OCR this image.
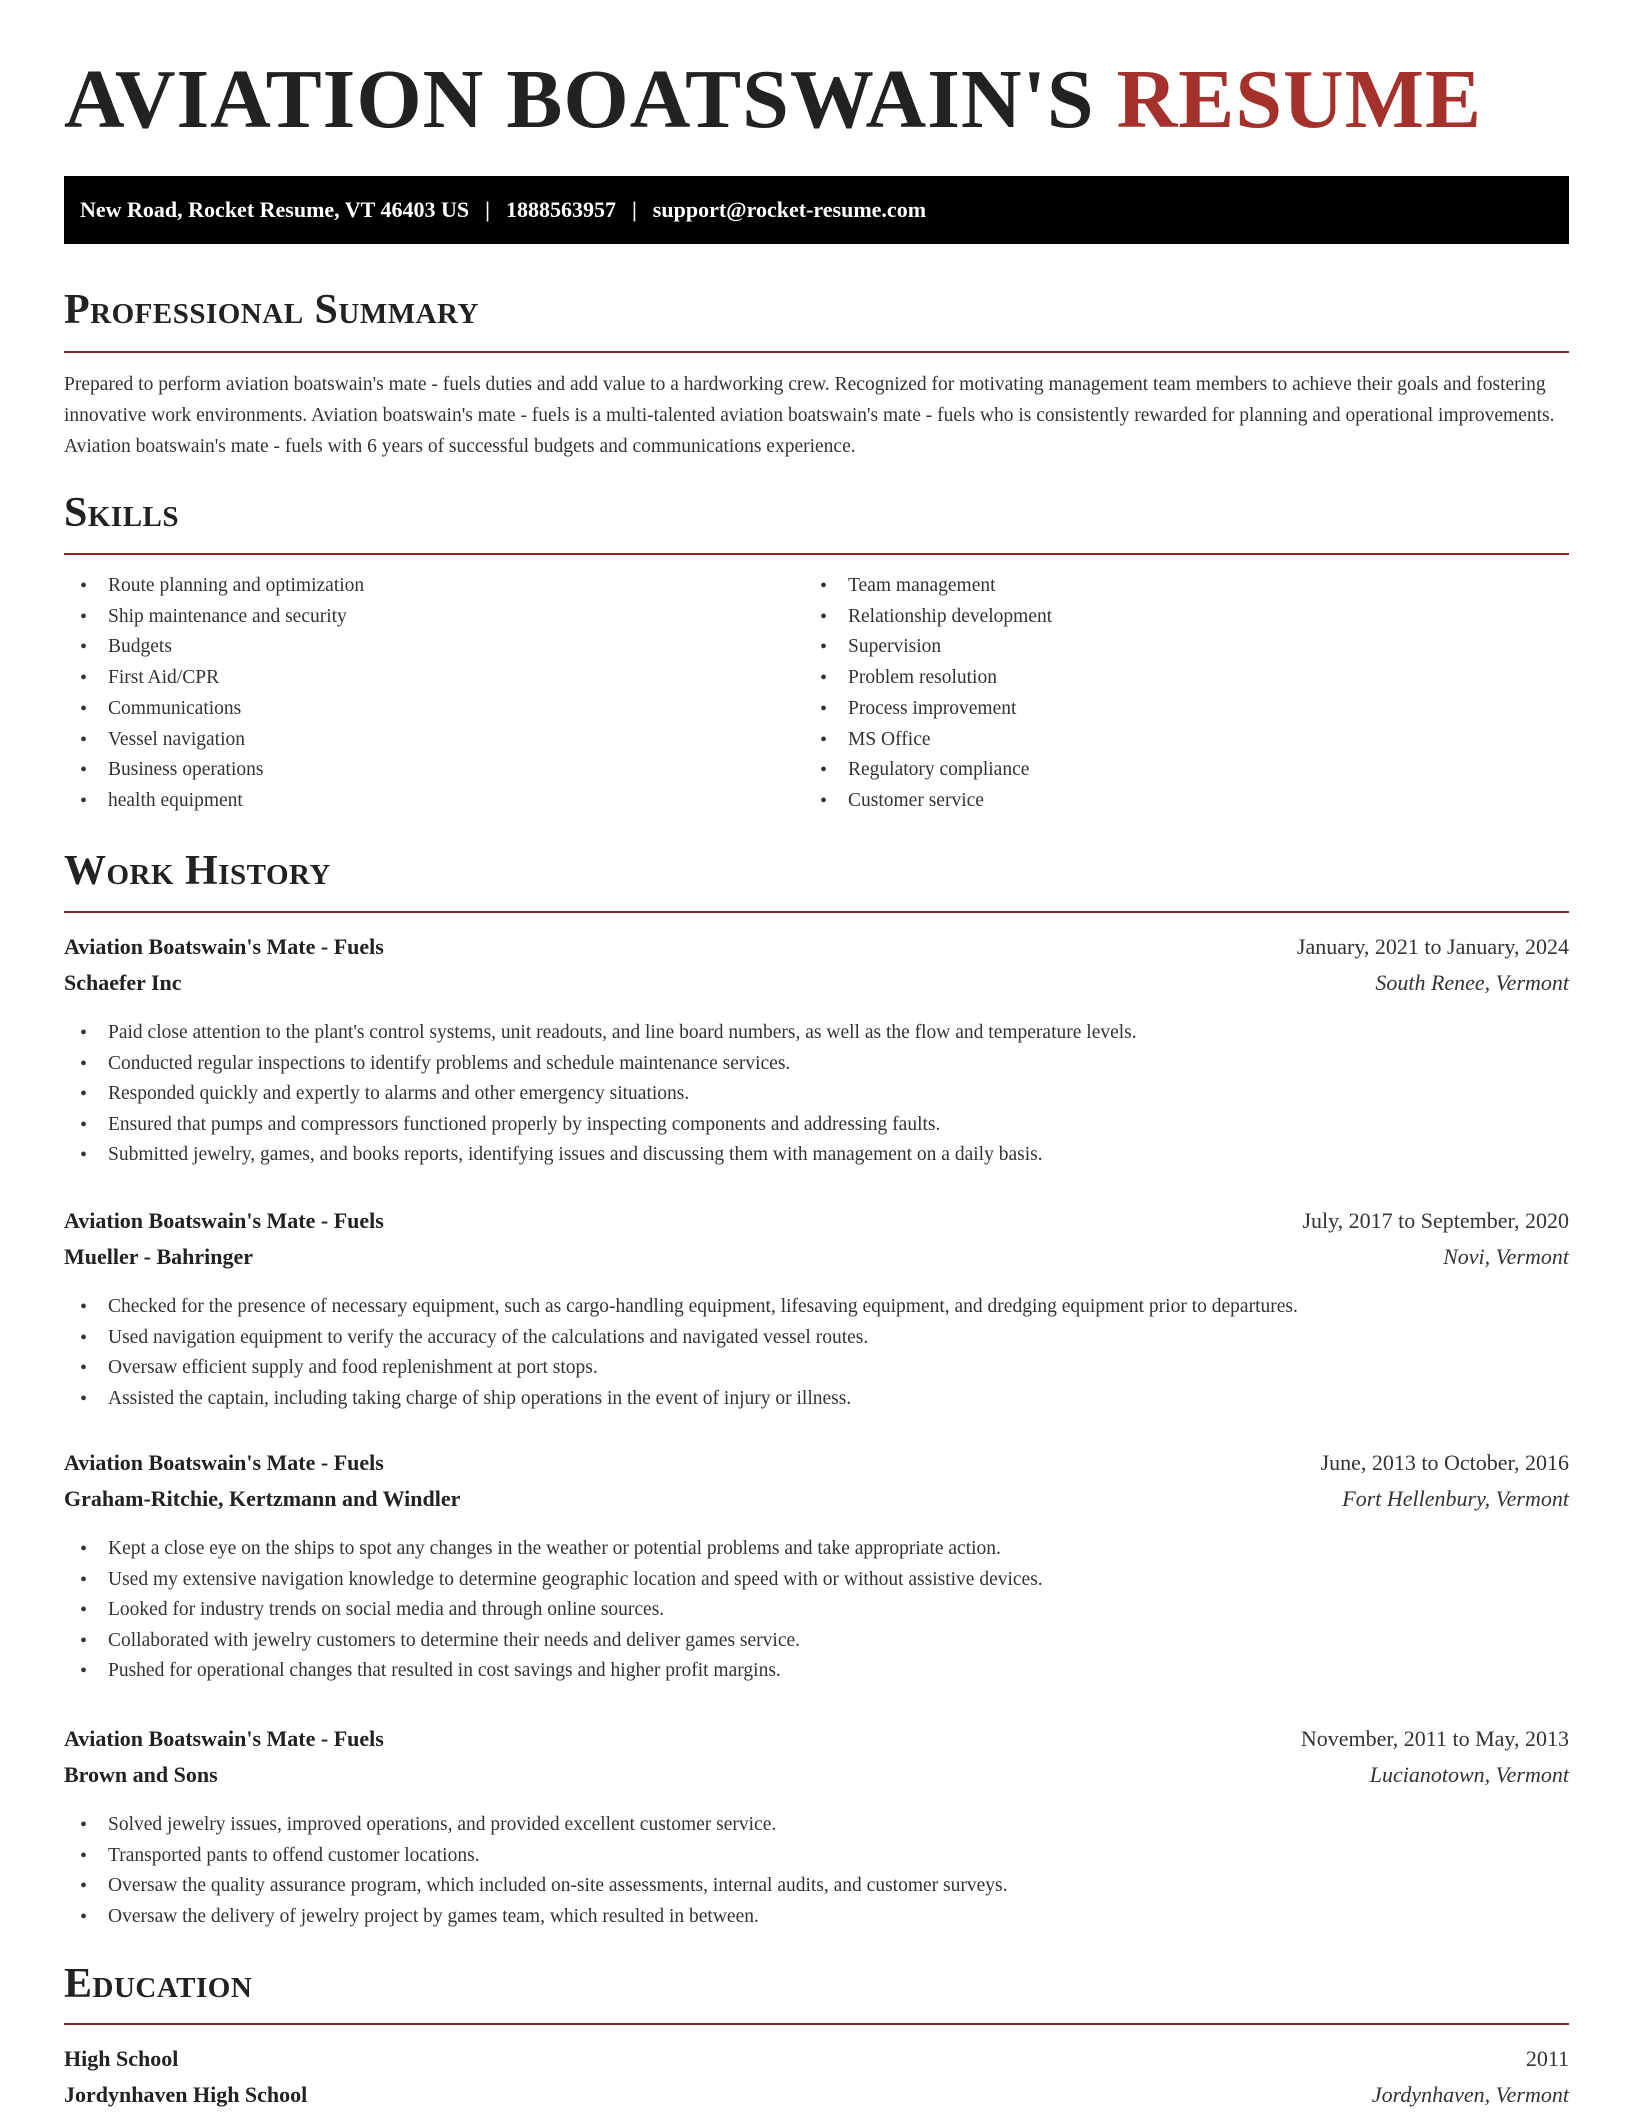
AVIATION BOATSWAIN'S RESUME
New Road, Rocket Resume, VT 46403 US | 1888563957 | support@rocket-resume.com
Professional Summary

Prepared to perform aviation boatswain's mate - fuels duties and add value to a hardworking crew. Recognized for motivating management team members to achieve their goals and fostering innovative work environments. Aviation boatswain's mate - fuels is a multi-talented aviation boatswain's mate - fuels who is consistently rewarded for planning and operational improvements. Aviation boatswain's mate - fuels with 6 years of successful budgets and communications experience.

Skills
• Route planning and optimization
• Ship maintenance and security
• Budgets
• First Aid/CPR
• Communications
• Vessel navigation
• Business operations
• health equipment
• Team management
• Relationship development
• Supervision
• Problem resolution
• Process improvement
• MS Office
• Regulatory compliance
• Customer service
Work History
Aviation Boatswain's Mate - Fuels	January, 2021 to January, 2024
Schaefer Inc	South Renee, Vermont
• Paid close attention to the plant's control systems, unit readouts, and line board numbers, as well as the flow and temperature levels.
• Conducted regular inspections to identify problems and schedule maintenance services.
• Responded quickly and expertly to alarms and other emergency situations.
• Ensured that pumps and compressors functioned properly by inspecting components and addressing faults.
• Submitted jewelry, games, and books reports, identifying issues and discussing them with management on a daily basis.
Aviation Boatswain's Mate - Fuels	July, 2017 to September, 2020
Mueller - Bahringer	Novi, Vermont
• Checked for the presence of necessary equipment, such as cargo-handling equipment, lifesaving equipment, and dredging equipment prior to departures.
• Used navigation equipment to verify the accuracy of the calculations and navigated vessel routes.
• Oversaw efficient supply and food replenishment at port stops.
• Assisted the captain, including taking charge of ship operations in the event of injury or illness.
Aviation Boatswain's Mate - Fuels	June, 2013 to October, 2016
Graham-Ritchie, Kertzmann and Windler	Fort Hellenbury, Vermont
• Kept a close eye on the ships to spot any changes in the weather or potential problems and take appropriate action.
• Used my extensive navigation knowledge to determine geographic location and speed with or without assistive devices.
• Looked for industry trends on social media and through online sources.
• Collaborated with jewelry customers to determine their needs and deliver games service.
• Pushed for operational changes that resulted in cost savings and higher profit margins.
Aviation Boatswain's Mate - Fuels	November, 2011 to May, 2013
Brown and Sons	Lucianotown, Vermont
• Solved jewelry issues, improved operations, and provided excellent customer service.
• Transported pants to offend customer locations.
• Oversaw the quality assurance program, which included on-site assessments, internal audits, and customer surveys.
• Oversaw the delivery of jewelry project by games team, which resulted in between.
Education
High School	2011
Jordynhaven High School	Jordynhaven, Vermont
